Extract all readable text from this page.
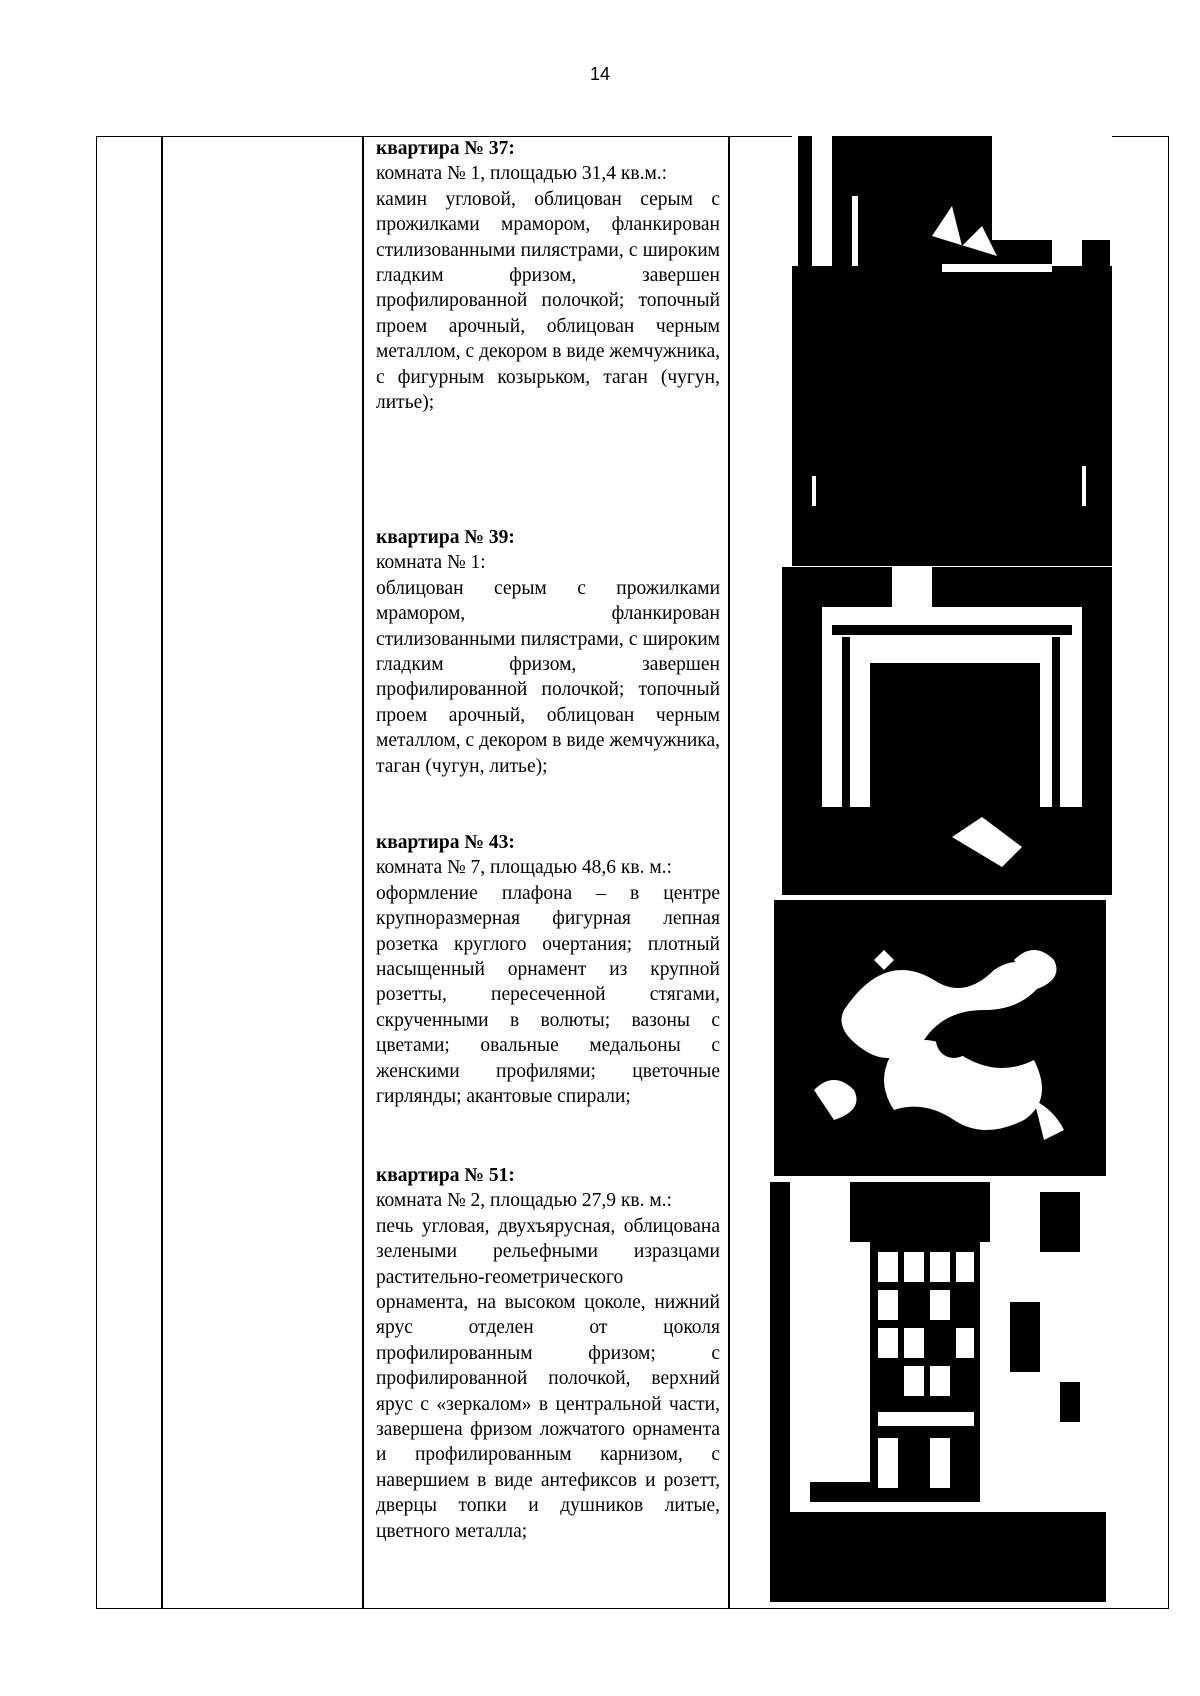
14
квартира № 37:
комната № 1, площадью 31,4 кв.м.:
камин угловой, облицован серым с прожилками мрамором, фланкирован стилизованными пилястрами, с широким гладким фризом, завершен профилированной полочкой; топочный проем арочный, облицован черным металлом, с декором в виде жемчужника, с фигурным козырьком, таган (чугун, литье);
квартира № 39:
комната № 1:
облицован серым с прожилками мрамором, фланкирован стилизованными пилястрами, с широким гладким фризом, завершен профилированной полочкой; топочный проем арочный, облицован черным металлом, с декором в виде жемчужника, таган (чугун, литье);
квартира № 43:
комната № 7, площадью 48,6 кв. м.:
оформление плафона – в центре крупноразмерная фигурная лепная розетка круглого очертания; плотный насыщенный орнамент из крупной розетты, пересеченной стягами, скрученными в волюты; вазоны с цветами; овальные медальоны с женскими профилями; цветочные гирлянды; акантовые спирали;
квартира № 51:
комната № 2, площадью 27,9 кв. м.:
печь угловая, двухъярусная, облицована зелеными рельефными изразцами растительно-геометрического орнамента, на высоком цоколе, нижний ярус отделен от цоколя профилированным фризом; с профилированной полочкой, верхний ярус с «зеркалом» в центральной части, завершена фризом ложчатого орнамента и профилированным карнизом, с навершием в виде антефиксов и розетт, дверцы топки и душников литые, цветного металла;
